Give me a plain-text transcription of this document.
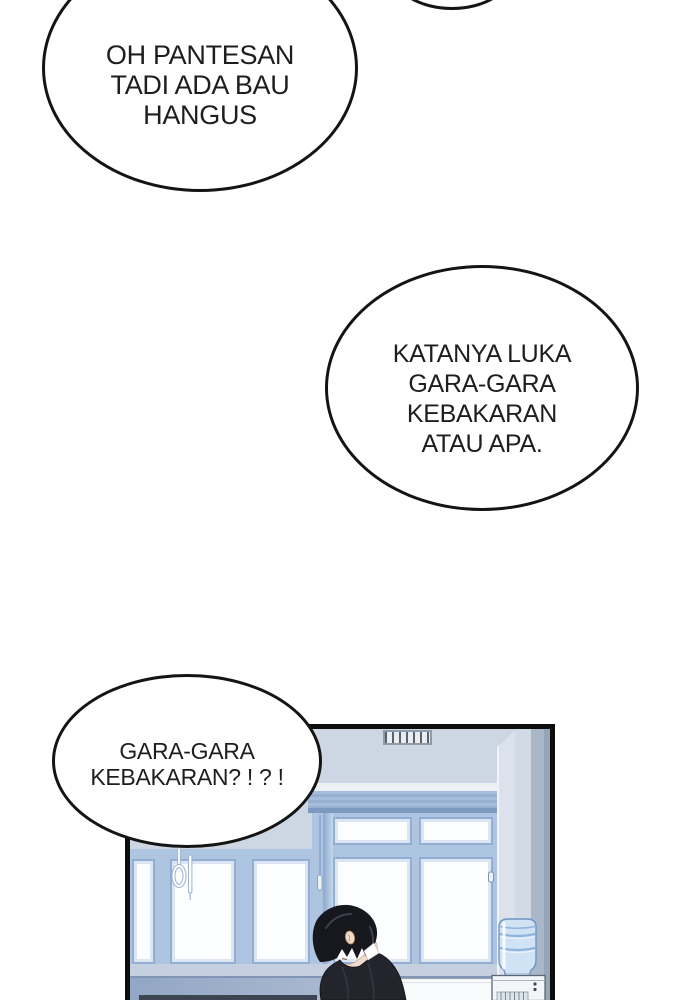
OH PANTESAN
TADI ADA BAU
HANGUS
KATANYA LUKA
GARA-GARA
KEBAKARAN
ATAU APA.
GARA-GARA
KEBAKARAN? ! ? !
